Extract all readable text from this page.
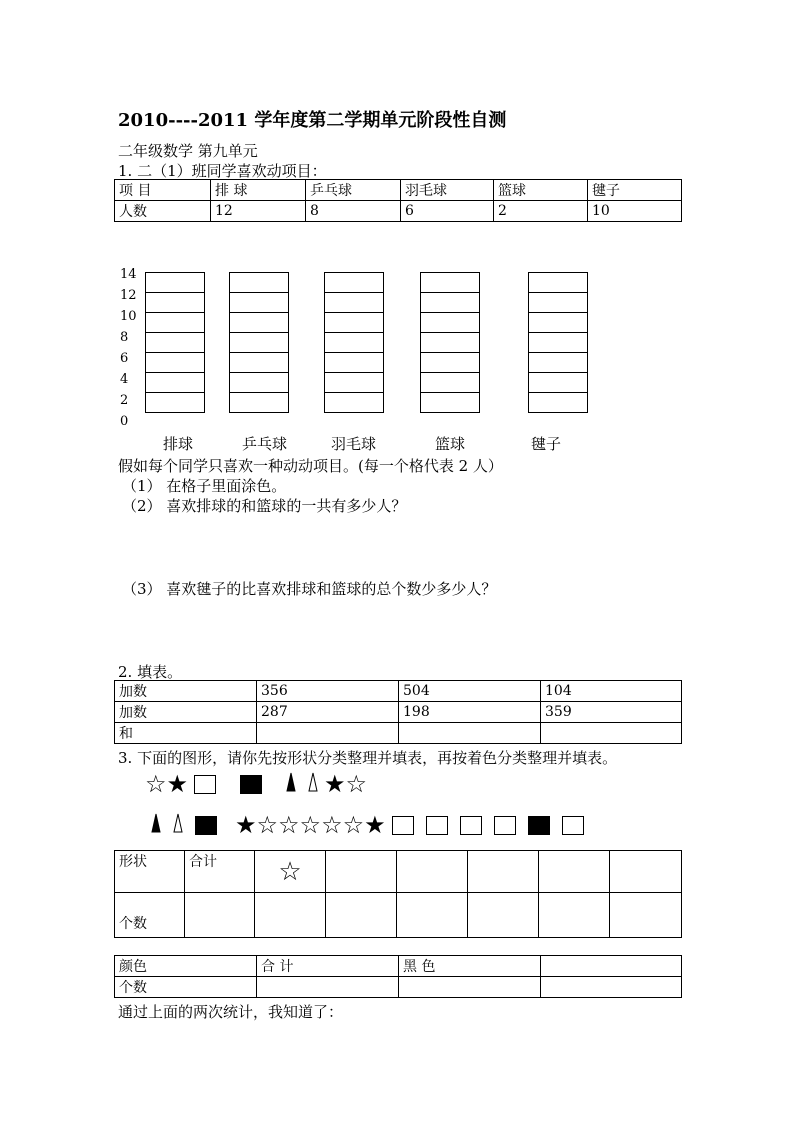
2010----2011 学年度第二学期单元阶段性自测
二年级数学 第九单元
1. 二（1）班同学喜欢动项目：
项 目	排 球	乒乓球	羽毛球	篮球	毽子
人数	12	8	6	2	10
14
12
10
8
6
4
2
0
排球	乒乓球	羽毛球	篮球	毽子
假如每个同学只喜欢一种动动项目。(每一个格代表 2 人）
（1） 在格子里面涂色。
（2） 喜欢排球的和篮球的一共有多少人？
（3） 喜欢毽子的比喜欢排球和篮球的总个数少多少人？
2. 填表。
加数	356	504	104
加数	287	198	359
和			
3. 下面的图形，请你先按形状分类整理并填表，再按着色分类整理并填表。
☆ ★	★ ☆
★ ☆ ☆ ☆ ☆ ☆ ★
形状	合计	☆					
个数							
颜色	合 计	黑 色	
个数			
通过上面的两次统计，我知道了：
